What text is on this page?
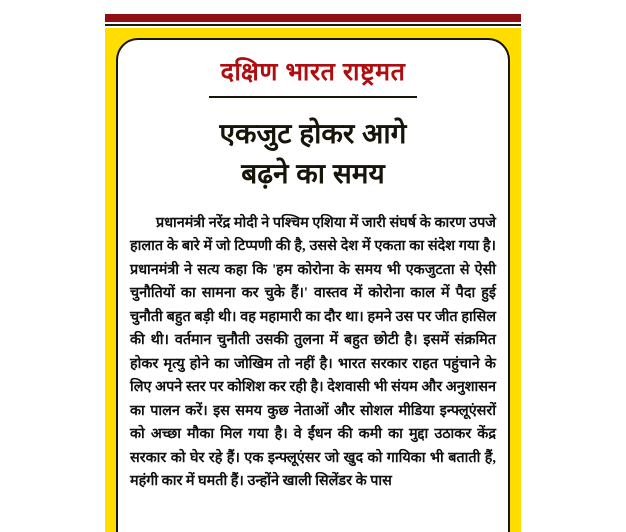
दक्षिण भारत राष्ट्रमत
एकजुट होकर आगे
बढ़ने का समय

प्रधानमंत्री नरेंद्र मोदी ने पश्चिम एशिया में जारी संघर्ष के कारण उपजे हालात के बारे में जो टिप्पणी की है, उससे देश में एकता का संदेश गया है। प्रधानमंत्री ने सत्य कहा कि 'हम कोरोना के समय भी एकजुटता से ऐसी चुनौतियों का सामना कर चुके हैं।' वास्तव में कोरोना काल में पैदा हुई चुनौती बहुत बड़ी थी। वह महामारी का दौर था। हमने उस पर जीत हासिल की थी। वर्तमान चुनौती उसकी तुलना में बहुत छोटी है। इसमें संक्रमित होकर मृत्यु होने का जोखिम तो नहीं है। भारत सरकार राहत पहुंचाने के लिए अपने स्तर पर कोशिश कर रही है। देशवासी भी संयम और अनुशासन का पालन करें। इस समय कुछ नेताओं और सोशल मीडिया इन्फ्लूएंसरों को अच्छा मौका मिल गया है। वे ईंधन की कमी का मुद्दा उठाकर केंद्र सरकार को घेर रहे हैं। एक इन्फ्लूएंसर जो खुद को गायिका भी बताती हैं, महंगी कार में घमती हैं। उन्होंने खाली सिलेंडर के पास
